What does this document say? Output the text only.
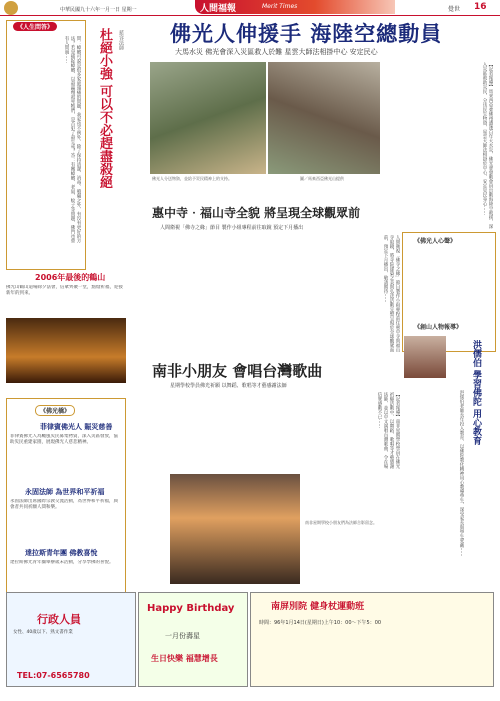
中華民國九十六年一月一日 星期一	人間福報	Merit Times	覺世 16
《人生問答》
杜絕小強 可以不必趕盡殺絕 慈容法師
問：蟑螂可說是很多家庭頭痛的問題，我家也不例外，除了保持清潔、消毒、噴藥之外，有沒有更好的方法？若是捕捉蟑螂、以殺蟲劑殺死牠們，是否犯了殺生戒？答：有關蟑螂、老鼠、蚊子等問題，佛門也曾有人問過……
2006年最後的鶴山
佛光山鶴山道場除夕法會，信眾齊聚一堂，點燈祈福，迎接新年的到來。
《佛光橋》
菲律賓佛光人 賑災慈善
菲律賓佛光人為颱風災民募集物資，深入災區發放，協助災民重建家園，展現佛光人慈悲精神。
永固法師 為世界和平祈福
永固法師出席國際宗教交流活動，為世界和平祈福，與會者共同祈願人間和樂。
達拉斯青年團 佛教喜悅
達拉斯佛光青年團舉辦歲末活動，分享學佛的喜悅。
佛光人伸援手 海陸空總動員
大馬水災 佛光會深入災區救人於難 星雲大師法相掛中心 安定民心
佛光人分送物資，並給予災民精神上的支持。	圖／馬來西亞佛光山提供	【記者報導】馬來西亞柔佛州遭逢百年大水災，佛光會發動會員出動海陸空救援，深入災區救助災民，分送民生物資，星雲大師法相掛於中心，安定災民身心……
惠中寺‧福山寺全貌 將呈現全球觀眾前
人間衛視「佛寺之緣」節目 製作小組專程前往取鏡 預定下月播出
人間衛視「佛寺之緣」節目製作小組專程前往惠中寺與福山寺取鏡，將寺院建築之美與弘法活動完整呈現於全球觀眾面前，預定下月播出，敬請期待……	《佛光人心聲》
《創山人物報導》
洪儒伯 學習佛陀 用心教育
洪儒伯老師長年投入教育，以佛陀教化精神用心教導學生，深受家長與學生愛戴……
南非小朋友 會唱台灣歌曲
星期學校學員佛光祈願 以舞蹈、歌唱等才藝感謝法師
【記者報導】南非星期學校學員在佛光祈願活動中，以舞蹈、歌唱等才藝感謝法師，並以中文演唱台灣歌曲，令在場信眾感動不已……
南非星期學校小朋友們為法師合影留念。
行政人員
女性、40歲以下、熟文書作業
TEL:07-6565780
Happy Birthday
一月份壽星
生日快樂 福慧增長
南屏別院 健身杖運動班
時間：96年1月14日(星期日)上午10：00～下午5：00
